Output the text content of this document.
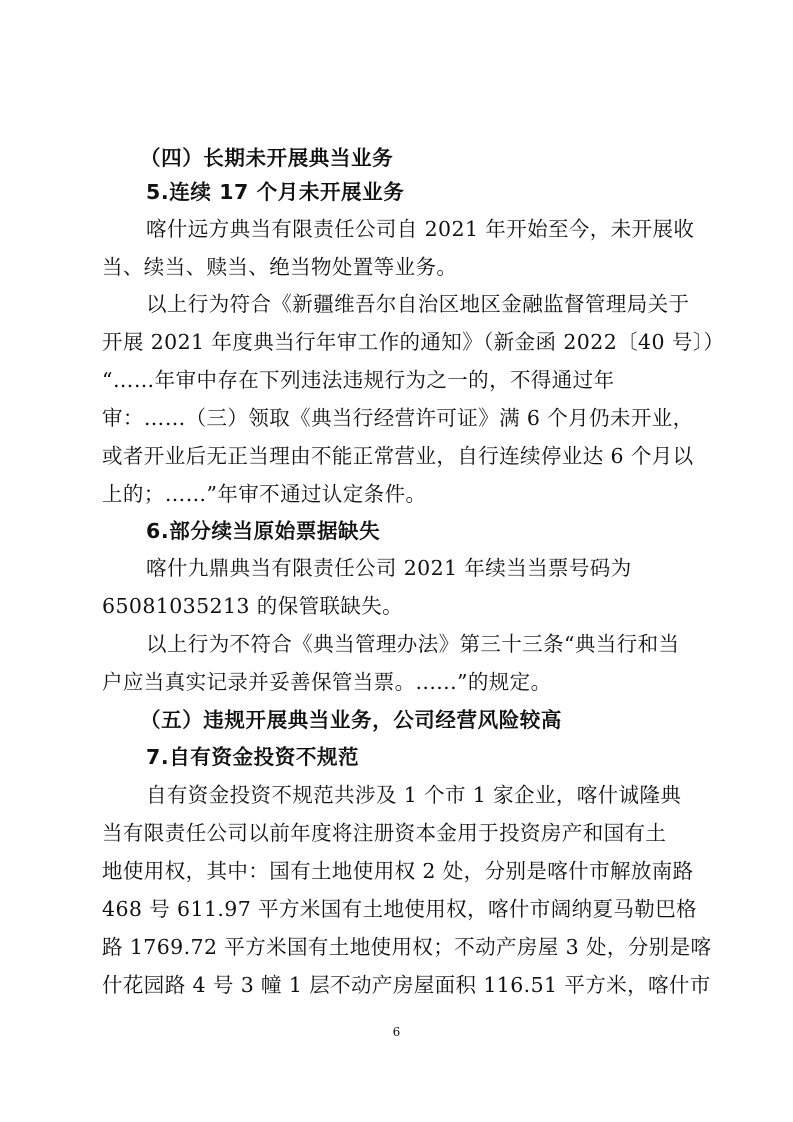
（四）长期未开展典当业务
5.连续 17 个月未开展业务
喀什远方典当有限责任公司自 2021 年开始至今，未开展收
当、续当、赎当、绝当物处置等业务。
以上行为符合《新疆维吾尔自治区地区金融监督管理局关于
开展 2021 年度典当行年审工作的通知》（新金函 2022〔40 号〕）
“……年审中存在下列违法违规行为之一的，不得通过年
审：……（三）领取《典当行经营许可证》满 6 个月仍未开业，
或者开业后无正当理由不能正常营业，自行连续停业达 6 个月以
上的；……”年审不通过认定条件。
6.部分续当原始票据缺失
喀什九鼎典当有限责任公司 2021 年续当当票号码为
65081035213 的保管联缺失。
以上行为不符合《典当管理办法》第三十三条“典当行和当
户应当真实记录并妥善保管当票。......”的规定。
（五）违规开展典当业务，公司经营风险较高
7.自有资金投资不规范
自有资金投资不规范共涉及 1 个市 1 家企业，喀什诚隆典
当有限责任公司以前年度将注册资本金用于投资房产和国有土
地使用权，其中：国有土地使用权 2 处，分别是喀什市解放南路
468 号 611.97 平方米国有土地使用权，喀什市阔纳夏马勒巴格
路 1769.72 平方米国有土地使用权；不动产房屋 3 处，分别是喀
什花园路 4 号 3 幢 1 层不动产房屋面积 116.51 平方米，喀什市
6
